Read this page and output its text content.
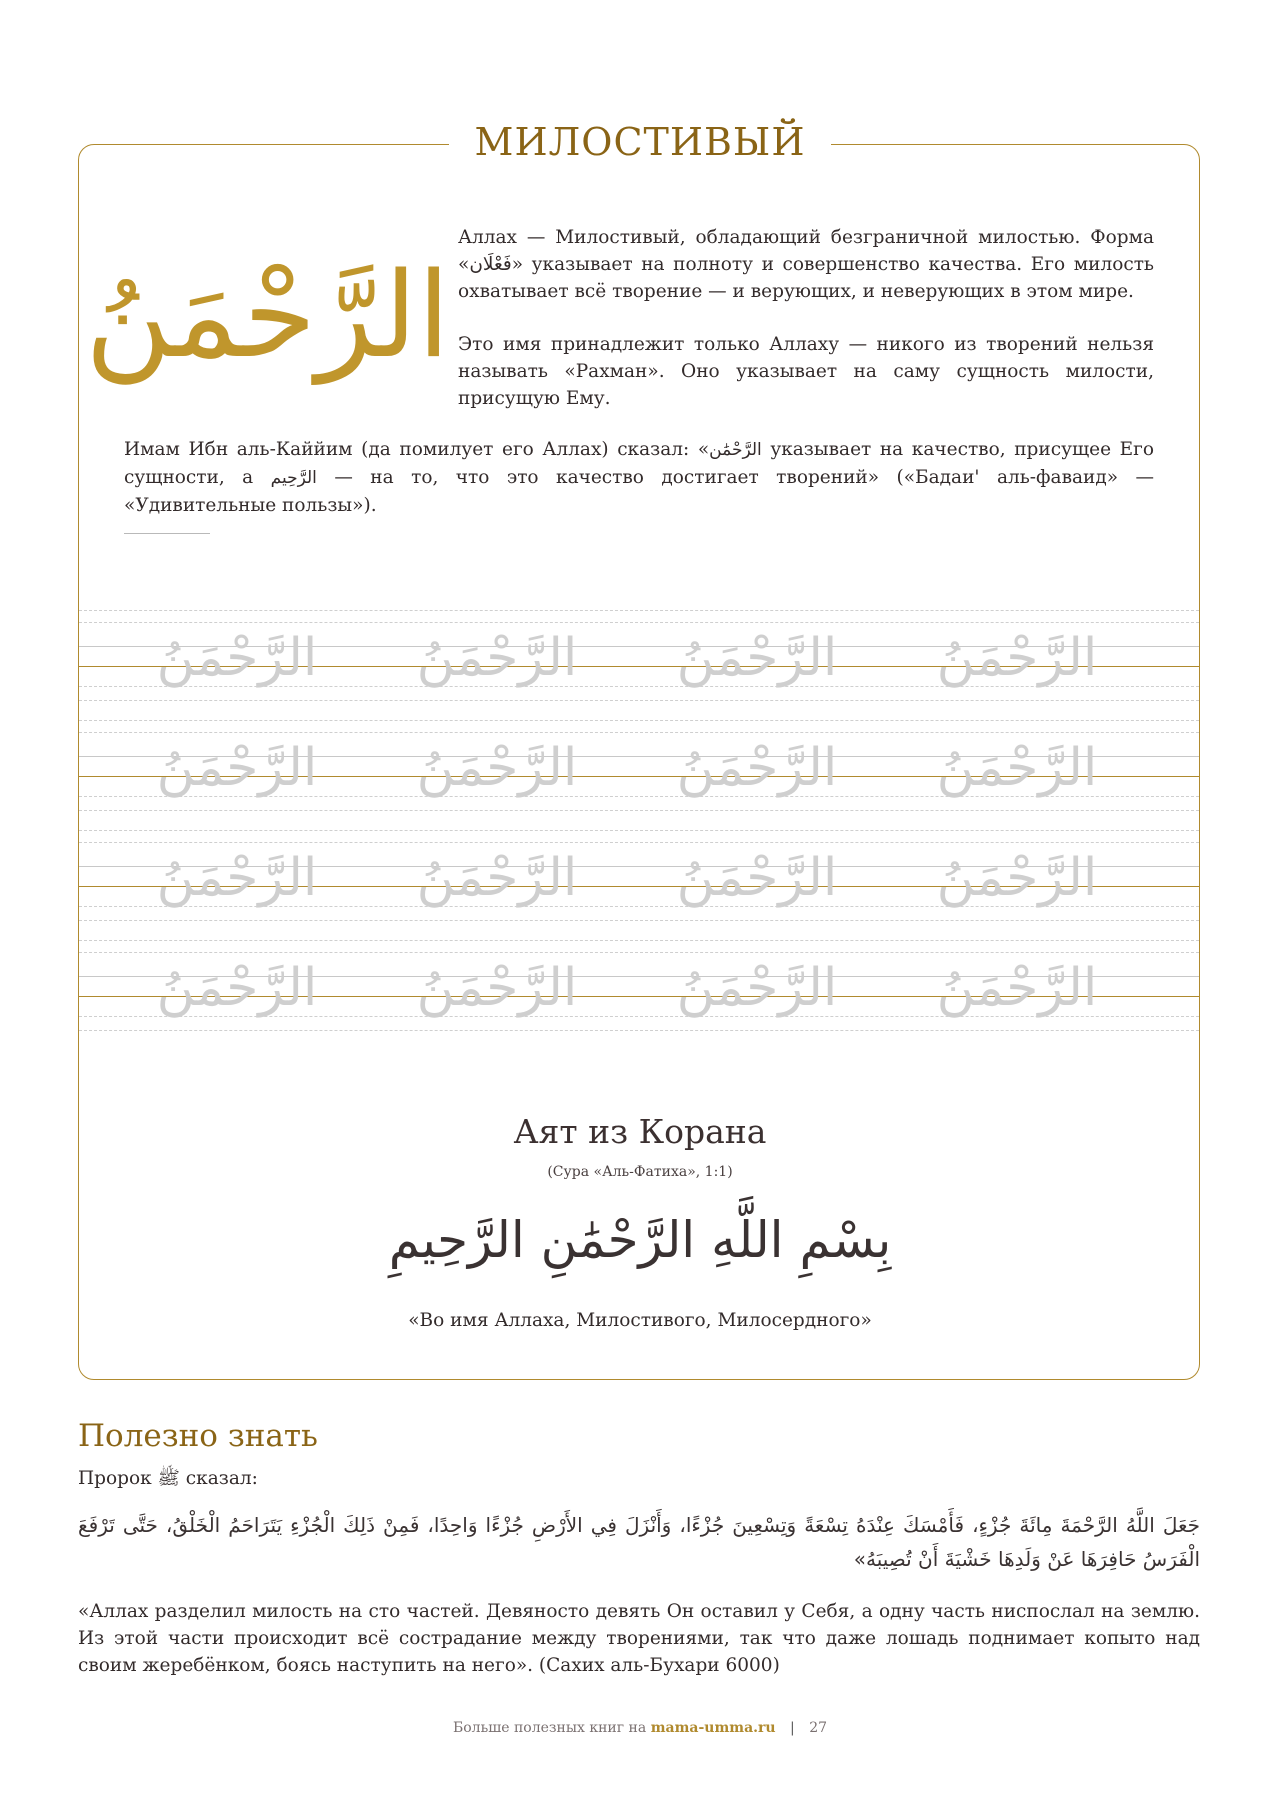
МИЛОСТИВЫЙ
الرَّحْمَنُ

Аллах — Милостивый, обладающий безграничной милостью. Форма «فَعْلَان» указывает на полноту и совершенство качества. Его милость охватывает всё творение — и верующих, и неверующих в этом мире.

Это имя принадлежит только Аллаху — никого из творений нельзя называть «Рахман». Оно указывает на саму сущность милости, присущую Ему.

Имам Ибн аль-Каййим (да помилует его Аллах) сказал: «الرَّحْمَٰن указывает на качество, присущее Его сущности, а الرَّحِيم — на то, что это качество достигает творений» («Бадаи' аль-фаваид» — «Удивительные пользы»).
الرَّحْمَنُ	الرَّحْمَنُ	الرَّحْمَنُ	الرَّحْمَنُ
الرَّحْمَنُ	الرَّحْمَنُ	الرَّحْمَنُ	الرَّحْمَنُ
الرَّحْمَنُ	الرَّحْمَنُ	الرَّحْمَنُ	الرَّحْمَنُ
الرَّحْمَنُ	الرَّحْمَنُ	الرَّحْمَنُ	الرَّحْمَنُ
Аят из Корана
(Сура «Аль-Фатиха», 1:1)
بِسْمِ اللَّهِ الرَّحْمَٰنِ الرَّحِيمِ
«Во имя Аллаха, Милостивого, Милосердного»
Полезно знать
Пророк ﷺ сказал:
جَعَلَ اللَّهُ الرَّحْمَةَ مِائَةَ جُزْءٍ، فَأَمْسَكَ عِنْدَهُ تِسْعَةً وَتِسْعِينَ جُزْءًا، وَأَنْزَلَ فِي الأَرْضِ جُزْءًا وَاحِدًا، فَمِنْ ذَلِكَ الْجُزْءِ يَتَرَاحَمُ الْخَلْقُ، حَتَّى تَرْفَعَ الْفَرَسُ حَافِرَهَا عَنْ وَلَدِهَا خَشْيَةَ أَنْ تُصِيبَهُ»
«Аллах разделил милость на сто частей. Девяносто девять Он оставил у Себя, а одну часть ниспослал на землю. Из этой части происходит всё сострадание между творениями, так что даже лошадь поднимает копыто над своим жеребёнком, боясь наступить на него». (Сахих аль-Бухари 6000)
Больше полезных книг на mama-umma.ru | 27
